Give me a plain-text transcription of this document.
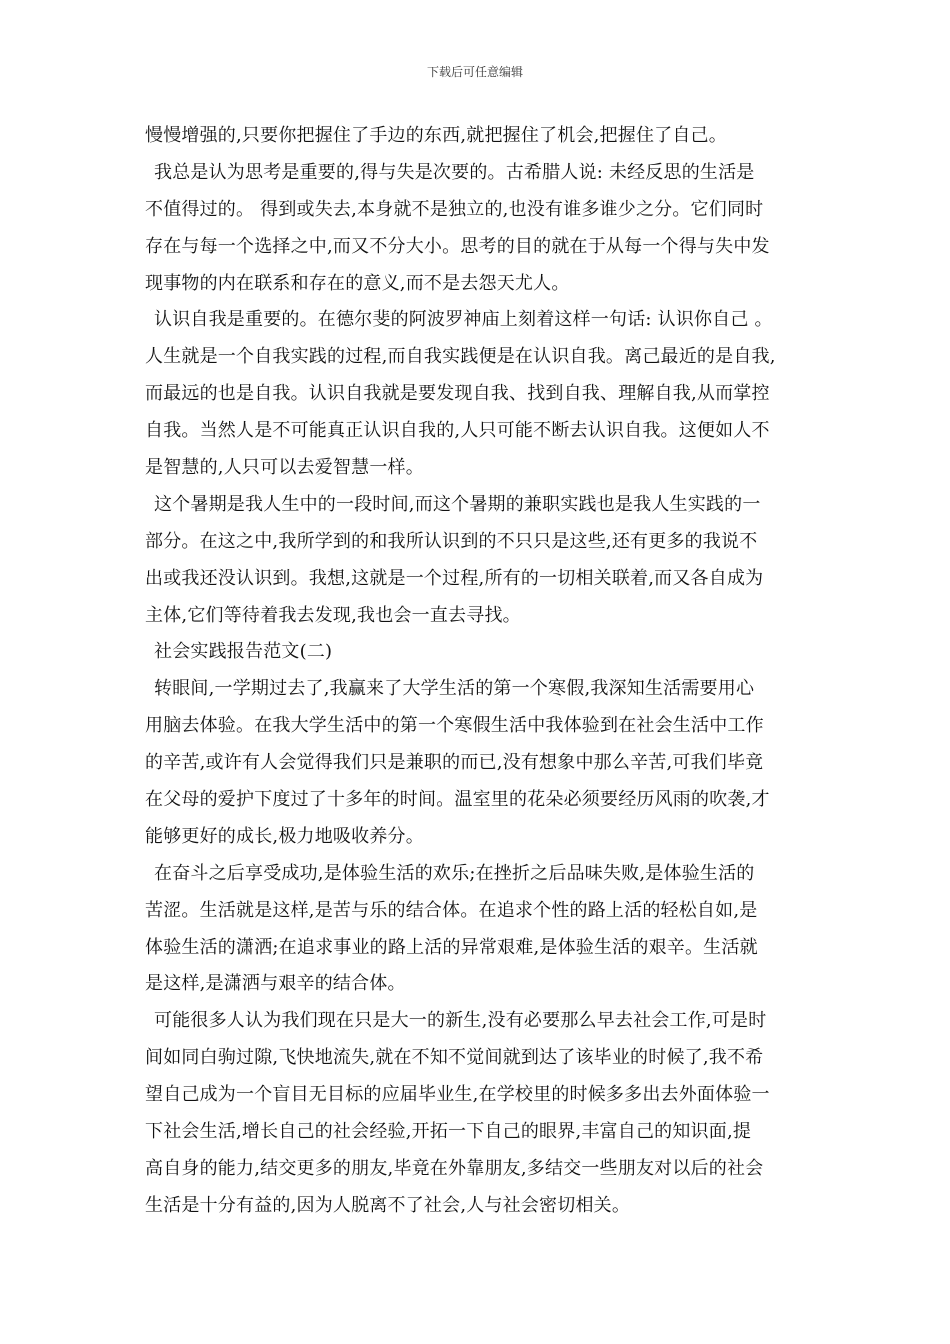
下载后可任意编辑
慢慢增强的,只要你把握住了手边的东西,就把握住了机会,把握住了自己。
我总是认为思考是重要的,得与失是次要的。古希腊人说: 未经反思的生活是
不值得过的。 得到或失去,本身就不是独立的,也没有谁多谁少之分。它们同时
存在与每一个选择之中,而又不分大小。思考的目的就在于从每一个得与失中发
现事物的内在联系和存在的意义,而不是去怨天尤人。
认识自我是重要的。在德尔斐的阿波罗神庙上刻着这样一句话: 认识你自己 。
人生就是一个自我实践的过程,而自我实践便是在认识自我。离己最近的是自我,
而最远的也是自我。认识自我就是要发现自我、找到自我、理解自我,从而掌控
自我。当然人是不可能真正认识自我的,人只可能不断去认识自我。这便如人不
是智慧的,人只可以去爱智慧一样。
这个暑期是我人生中的一段时间,而这个暑期的兼职实践也是我人生实践的一
部分。在这之中,我所学到的和我所认识到的不只只是这些,还有更多的我说不
出或我还没认识到。我想,这就是一个过程,所有的一切相关联着,而又各自成为
主体,它们等待着我去发现,我也会一直去寻找。
社会实践报告范文(二)
转眼间,一学期过去了,我赢来了大学生活的第一个寒假,我深知生活需要用心
用脑去体验。在我大学生活中的第一个寒假生活中我体验到在社会生活中工作
的辛苦,或许有人会觉得我们只是兼职的而已,没有想象中那么辛苦,可我们毕竟
在父母的爱护下度过了十多年的时间。温室里的花朵必须要经历风雨的吹袭,才
能够更好的成长,极力地吸收养分。
在奋斗之后享受成功,是体验生活的欢乐;在挫折之后品味失败,是体验生活的
苦涩。生活就是这样,是苦与乐的结合体。在追求个性的路上活的轻松自如,是
体验生活的潇洒;在追求事业的路上活的异常艰难,是体验生活的艰辛。生活就
是这样,是潇洒与艰辛的结合体。
可能很多人认为我们现在只是大一的新生,没有必要那么早去社会工作,可是时
间如同白驹过隙,飞快地流失,就在不知不觉间就到达了该毕业的时候了,我不希
望自己成为一个盲目无目标的应届毕业生,在学校里的时候多多出去外面体验一
下社会生活,增长自己的社会经验,开拓一下自己的眼界,丰富自己的知识面,提
高自身的能力,结交更多的朋友,毕竟在外靠朋友,多结交一些朋友对以后的社会
生活是十分有益的,因为人脱离不了社会,人与社会密切相关。
